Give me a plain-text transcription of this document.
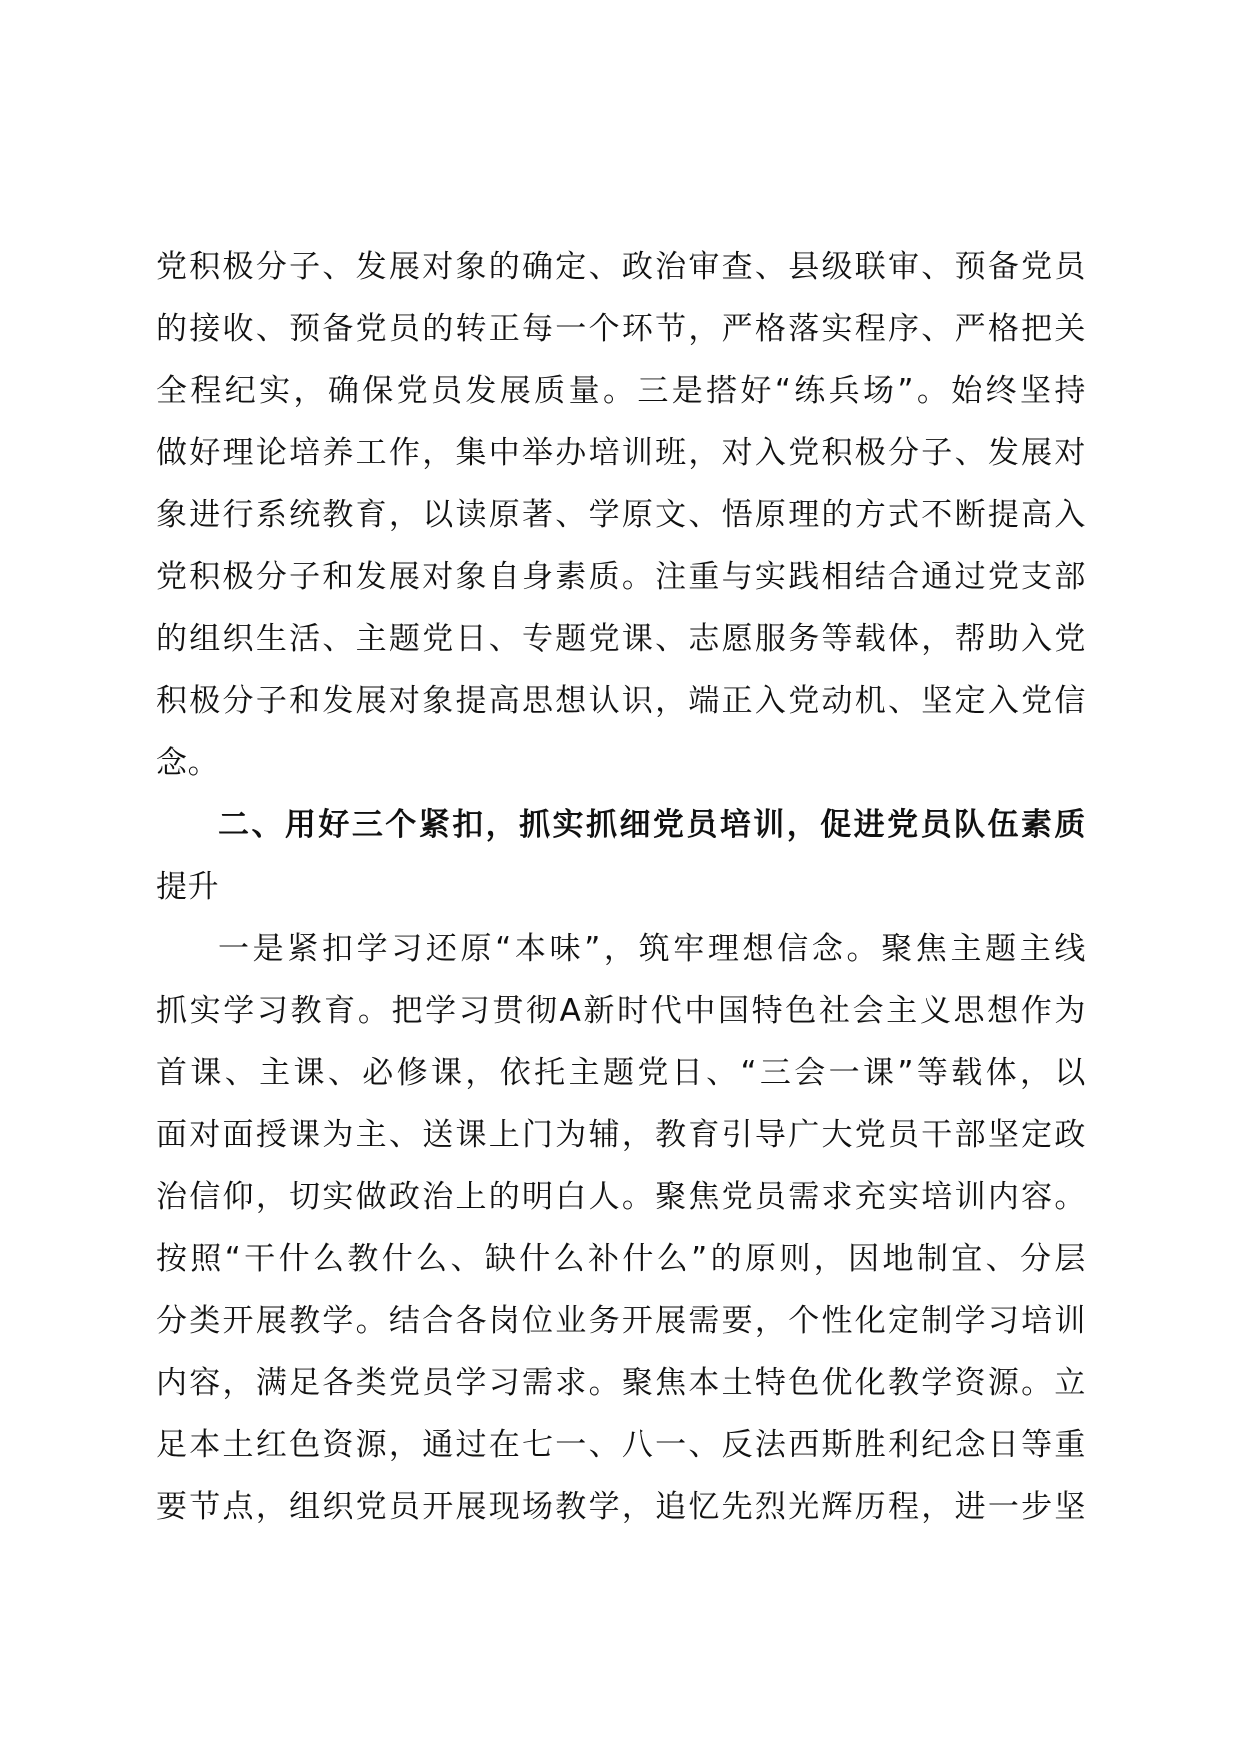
党积极分子、发展对象的确定、政治审查、县级联审、预备党员
的接收、预备党员的转正每一个环节，严格落实程序、严格把关
全程纪实，确保党员发展质量。三是搭好“练兵场”。始终坚持
做好理论培养工作，集中举办培训班，对入党积极分子、发展对
象进行系统教育，以读原著、学原文、悟原理的方式不断提高入
党积极分子和发展对象自身素质。注重与实践相结合通过党支部
的组织生活、主题党日、专题党课、志愿服务等载体，帮助入党
积极分子和发展对象提高思想认识，端正入党动机、坚定入党信
念。
二、用好三个紧扣，抓实抓细党员培训，促进党员队伍素质
提升
一是紧扣学习还原“本味”，筑牢理想信念。聚焦主题主线
抓实学习教育。把学习贯彻A新时代中国特色社会主义思想作为
首课、主课、必修课，依托主题党日、“三会一课”等载体，以
面对面授课为主、送课上门为辅，教育引导广大党员干部坚定政
治信仰，切实做政治上的明白人。聚焦党员需求充实培训内容。
按照“干什么教什么、缺什么补什么”的原则，因地制宜、分层
分类开展教学。结合各岗位业务开展需要，个性化定制学习培训
内容，满足各类党员学习需求。聚焦本土特色优化教学资源。立
足本土红色资源，通过在七一、八一、反法西斯胜利纪念日等重
要节点，组织党员开展现场教学，追忆先烈光辉历程，进一步坚
